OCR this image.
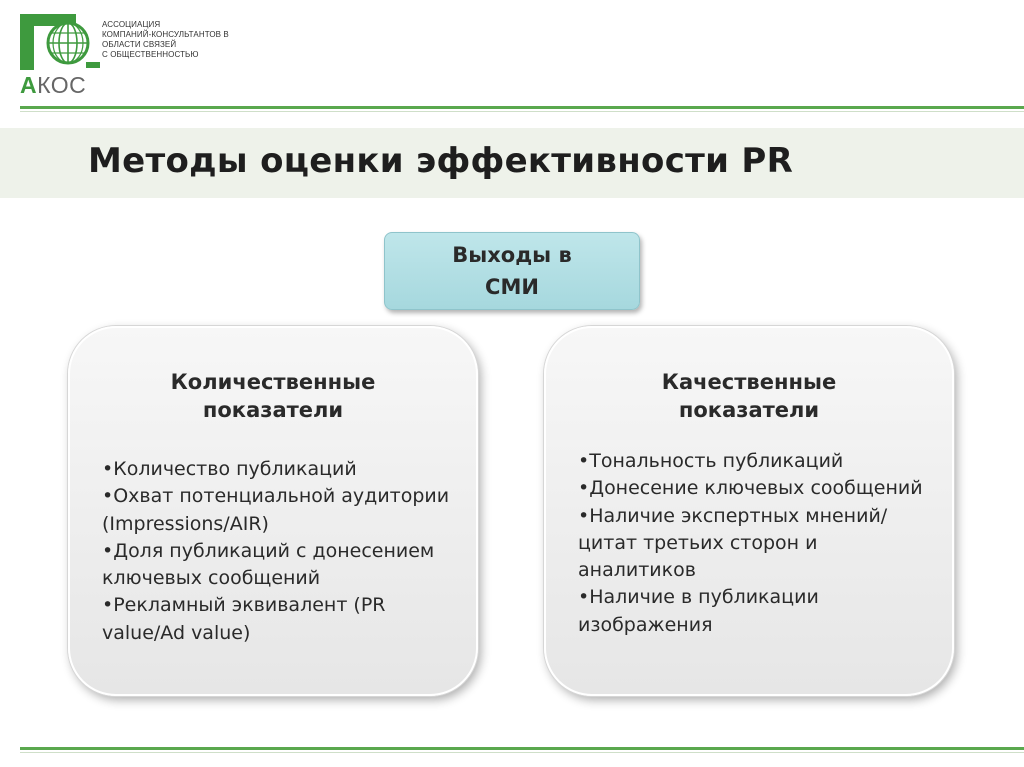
АССОЦИАЦИЯ
КОМПАНИЙ-КОНСУЛЬТАНТОВ В
ОБЛАСТИ СВЯЗЕЙ
С ОБЩЕСТВЕННОСТЬЮ
АКОС
Методы оценки эффективности PR
Выходы в СМИ
Количественные
показатели
•Количество публикаций
•Охват потенциальной аудитории (Impressions/AIR)
•Доля публикаций с донесением ключевых сообщений
•Рекламный эквивалент (PR value/Ad value)
Качественные
показатели
•Тональность публикаций
•Донесение ключевых сообщений
•Наличие экспертных мнений/цитат третьих сторон и аналитиков
•Наличие в публикации изображения
